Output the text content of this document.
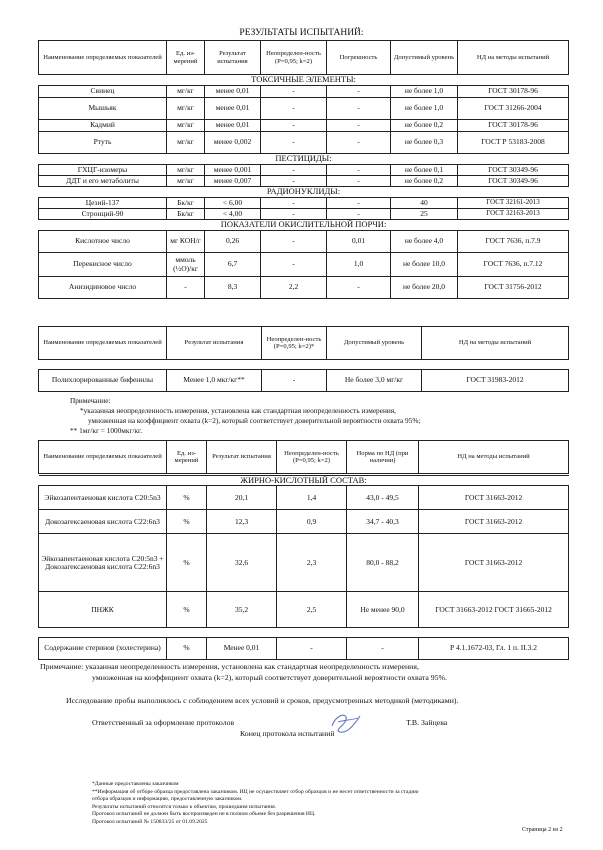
РЕЗУЛЬТАТЫ ИСПЫТАНИЙ:
Наименование определяемых показателей	Ед. из-мерений	Результат испытания	Неопределен-ность (P=0,95; k=2)	Погрешность	Допустимый уровень	НД на методы испытаний
ТОКСИЧНЫЕ ЭЛЕМЕНТЫ:						
Свинец	мг/кг	менее 0,01	-	-	не более 1,0	ГОСТ 30178-96
Мышьяк	мг/кг	менее 0,01	-	-	не более 1,0	ГОСТ 31266-2004
Кадмий	мг/кг	менее 0,01	-	-	не более 0,2	ГОСТ 30178-96
Ртуть	мг/кг	менее 0,002	-	-	не более 0,3	ГОСТ Р 53183-2008
ПЕСТИЦИДЫ:						
ГХЦГ-изомеры	мг/кг	менее 0,001	-	-	не более 0,1	ГОСТ 30349-96
ДДТ и его метаболиты	мг/кг	менее 0,007	-	-	не более 0,2	ГОСТ 30349-96
РАДИОНУКЛИДЫ:						
Цезий-137	Бк/кг	< 6,00	-	-	40	ГОСТ 32161-2013
Стронций-90	Бк/кг	< 4,00	-	-	25	ГОСТ 32163-2013
ПОКАЗАТЕЛИ ОКИСЛИТЕЛЬНОЙ ПОРЧИ:						
Кислотное число	мг КОН/г	0,26	-	0,01	не более 4,0	ГОСТ 7636, п.7.9
Перекисное число	ммоль (½O)/кг	6,7	-	1,0	не более 10,0	ГОСТ 7636, п.7.12
Анизидиновое число	-	8,3	2,2	-	не более 20,0	ГОСТ 31756-2012
Наименование определяемых показателей	Результат испытания	Неопределен-ность (P=0,95; k=2)*	Допустимый уровень	НД на методы испытаний
Полихлорированные бифенилы	Менее 1,0 мкг/кг**	-	Не более 3,0 мг/кг	ГОСТ 31983-2012
Примечание:
*указанная неопределенность измерения, установлена как стандартная неопределенность измерения,
умноженная на коэффициент охвата (k=2), который соответствует доверительной вероятности охвата 95%;
** 1мг/кг = 1000мкг/кг.
Наименование определяемых показателей	Ед. из-мерений	Результат испытания	Неопределен-ность (P=0,95; k=2)	Норма по НД (при наличии)	НД на методы испытаний
ЖИРНО-КИСЛОТНЫЙ СОСТАВ:					
Эйкозапентаеновая кислота С20:5n3	%	20,1	1,4	43,0 - 49,5	ГОСТ 31663-2012
Докозагексаеновая кислота С22:6n3	%	12,3	0,9	34,7 - 40,3	ГОСТ 31663-2012
Эйкозапентаеновая кислота С20:5n3 + Докозагексаеновая кислота С22:6n3	%	32,6	2,3	80,0 - 88,2	ГОСТ 31663-2012
ПНЖК	%	35,2	2,5	Не менее 90,0	ГОСТ 31663-2012 ГОСТ 31665-2012
Содержание стеринов (холестерина)	%	Менее 0,01	-	-	Р 4.1.1672-03, Гл. 1 п. II.3.2
Примечание: указанная неопределенность измерения, установлена как стандартная неопределенность измерения,
умноженная на коэффициент охвата (k=2), который соответствует доверительной вероятности охвата 95%.
Исследование пробы выполнялось с соблюдением всех условий и сроков, предусмотренных методикой (методиками).
Ответственный за оформление протоколов	Т.В. Зайцева
Конец протокола испытаний
*Данные предоставлены заказчиком
**Информация об отборе образца предоставлена заказчиком. ИЦ не осуществляет отбор образцов и не несет ответственности за стадию
отбора образцов и информацию, предоставленную заказчиком.
Результаты испытаний относятся только к объектам, прошедшим испытания.
Протокол испытаний не должен быть воспроизведен не в полном объеме без разрешения ИЦ.
Протокол испытаний № 150833/25 от 01.09.2025
Страница 2 из 2
